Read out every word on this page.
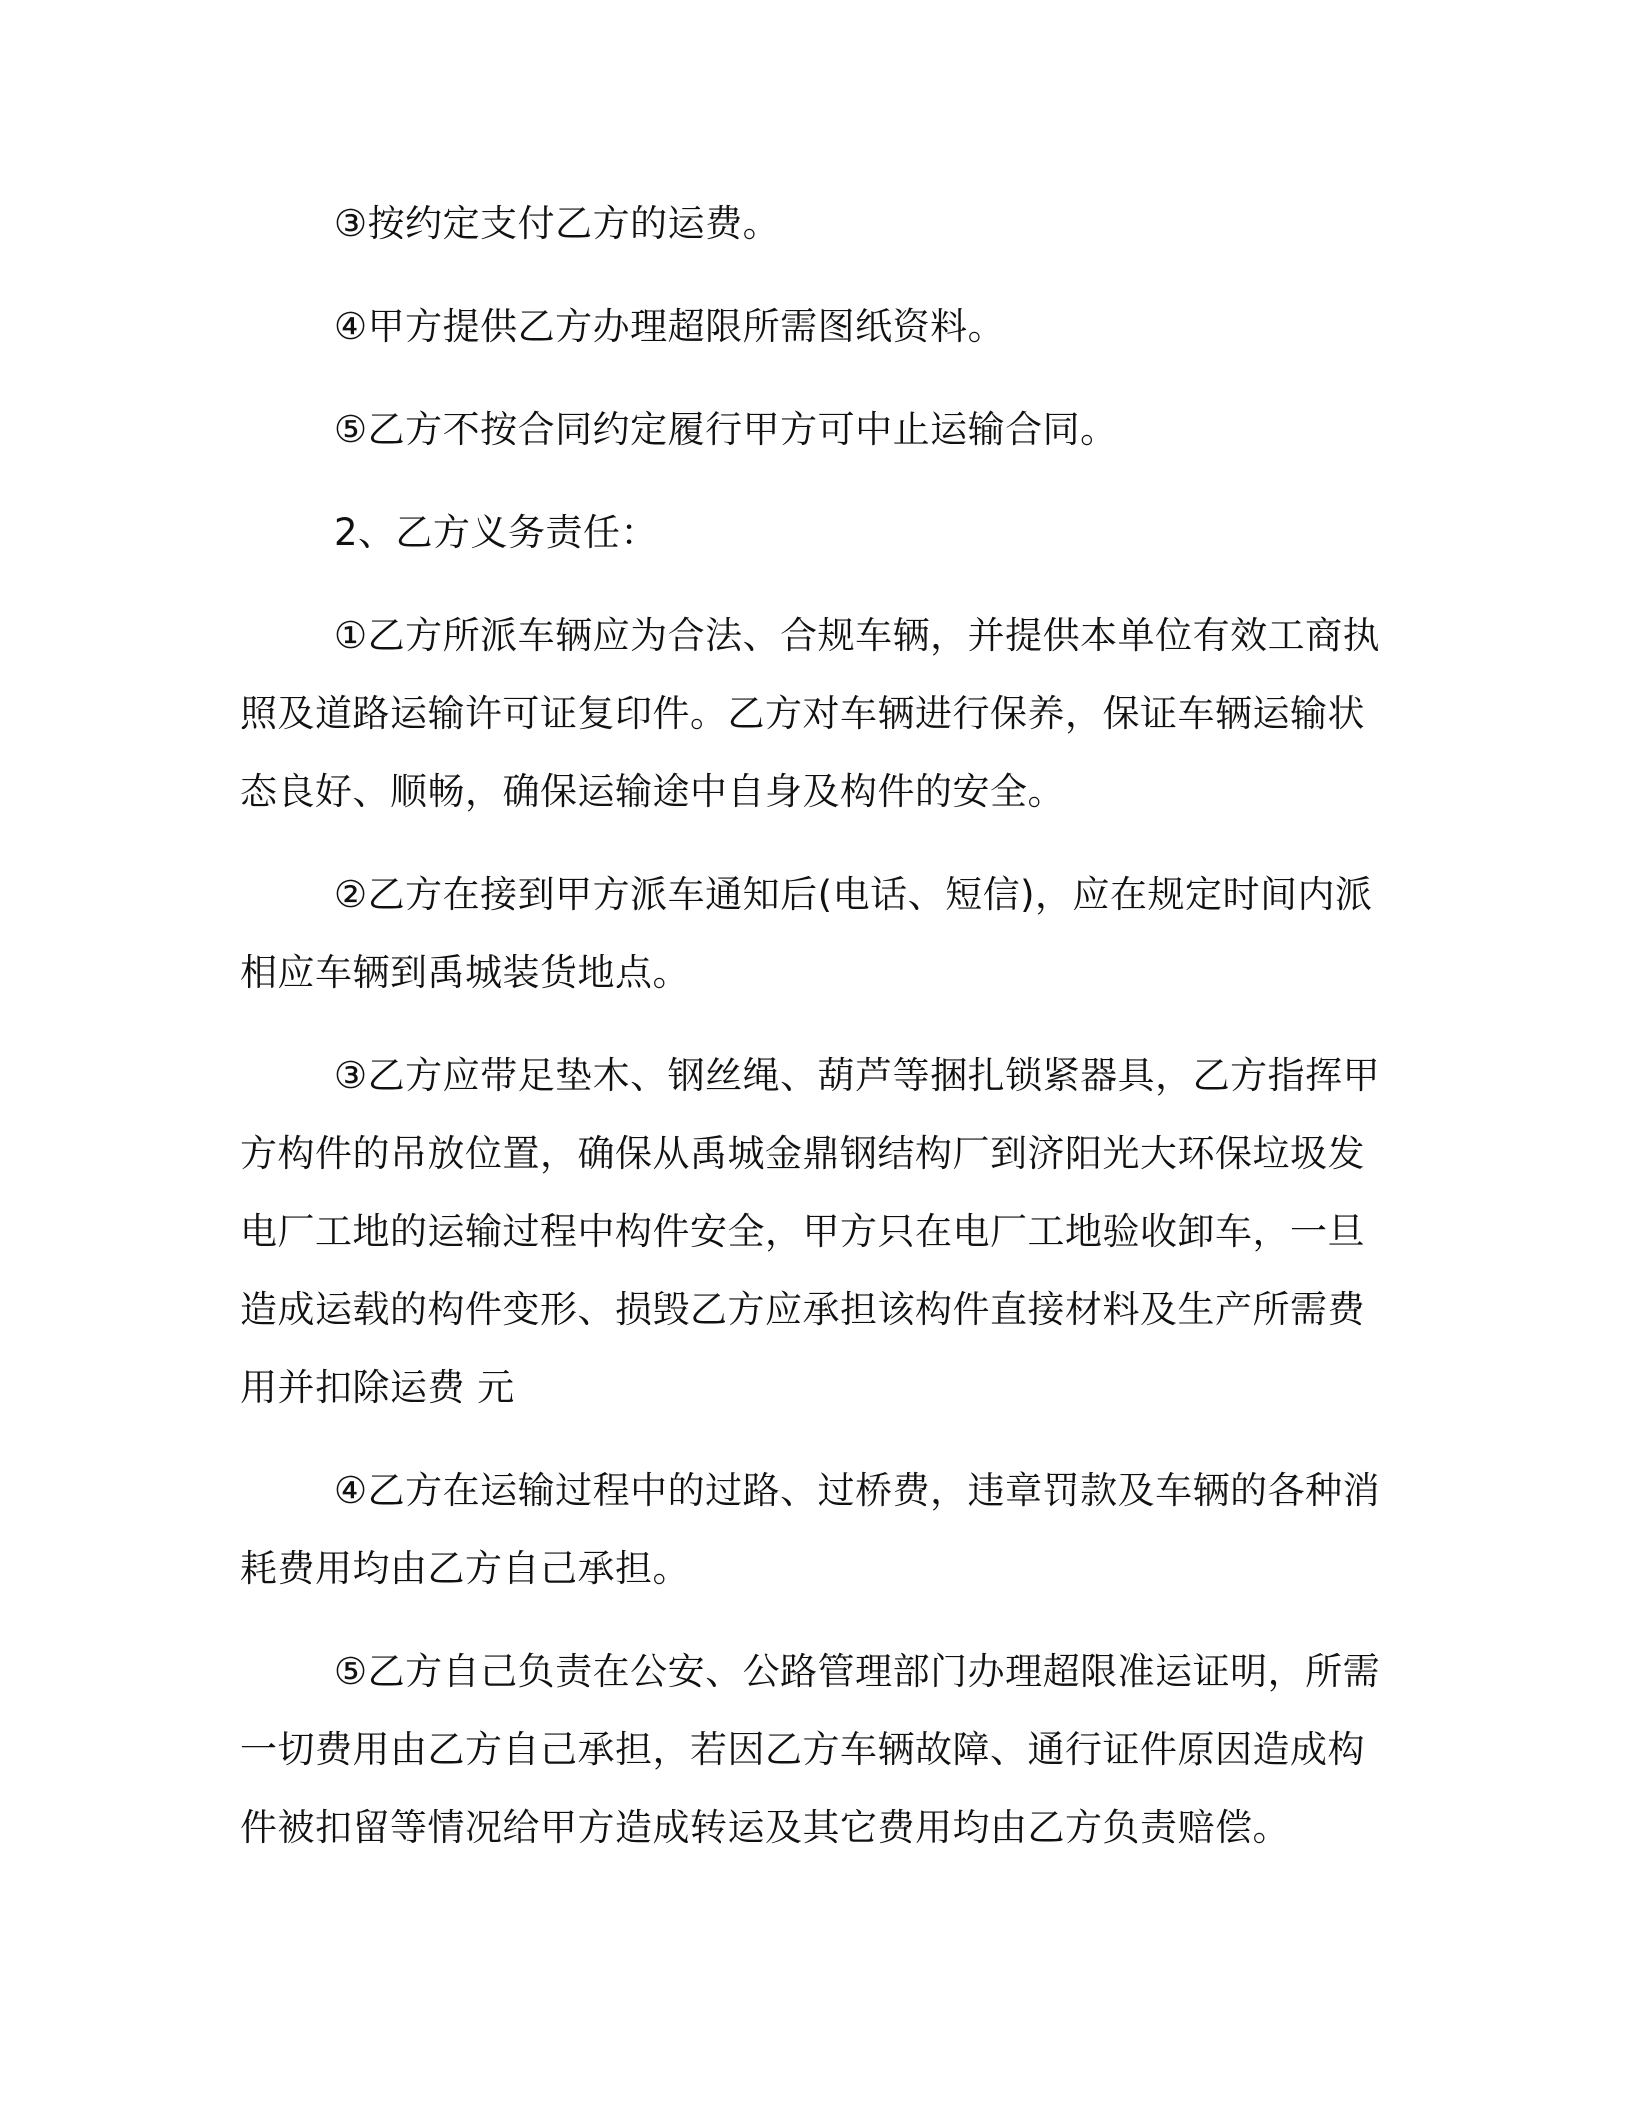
③按约定支付乙方的运费。

④甲方提供乙方办理超限所需图纸资料。

⑤乙方不按合同约定履行甲方可中止运输合同。

2、乙方义务责任：

①乙方所派车辆应为合法、合规车辆，并提供本单位有效工商执
照及道路运输许可证复印件。乙方对车辆进行保养，保证车辆运输状
态良好、顺畅，确保运输途中自身及构件的安全。

②乙方在接到甲方派车通知后(电话、短信)，应在规定时间内派
相应车辆到禹城装货地点。

③乙方应带足垫木、钢丝绳、葫芦等捆扎锁紧器具，乙方指挥甲
方构件的吊放位置，确保从禹城金鼎钢结构厂到济阳光大环保垃圾发
电厂工地的运输过程中构件安全，甲方只在电厂工地验收卸车，一旦
造成运载的构件变形、损毁乙方应承担该构件直接材料及生产所需费
用并扣除运费 元

④乙方在运输过程中的过路、过桥费，违章罚款及车辆的各种消
耗费用均由乙方自己承担。

⑤乙方自己负责在公安、公路管理部门办理超限准运证明，所需
一切费用由乙方自己承担，若因乙方车辆故障、通行证件原因造成构
件被扣留等情况给甲方造成转运及其它费用均由乙方负责赔偿。
